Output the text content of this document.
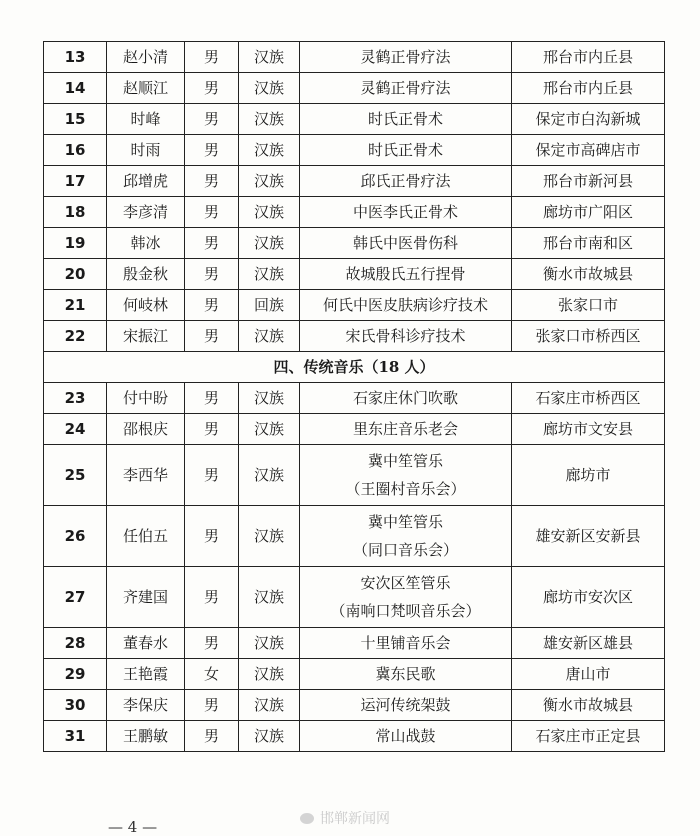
13	赵小清	男	汉族	灵鹤正骨疗法	邢台市内丘县
14	赵顺江	男	汉族	灵鹤正骨疗法	邢台市内丘县
15	时峰	男	汉族	时氏正骨术	保定市白沟新城
16	时雨	男	汉族	时氏正骨术	保定市高碑店市
17	邱增虎	男	汉族	邱氏正骨疗法	邢台市新河县
18	李彦清	男	汉族	中医李氏正骨术	廊坊市广阳区
19	韩冰	男	汉族	韩氏中医骨伤科	邢台市南和区
20	殷金秋	男	汉族	故城殷氏五行捏骨	衡水市故城县
21	何岐林	男	回族	何氏中医皮肤病诊疗技术	张家口市
22	宋振江	男	汉族	宋氏骨科诊疗技术	张家口市桥西区
四、传统音乐（18 人）					
23	付中盼	男	汉族	石家庄休门吹歌	石家庄市桥西区
24	邵根庆	男	汉族	里东庄音乐老会	廊坊市文安县
25	李西华	男	汉族	冀中笙管乐
（王圈村音乐会）	廊坊市
26	任伯五	男	汉族	冀中笙管乐
（同口音乐会）	雄安新区安新县
27	齐建国	男	汉族	安次区笙管乐
（南响口梵呗音乐会）	廊坊市安次区
28	董春水	男	汉族	十里铺音乐会	雄安新区雄县
29	王艳霞	女	汉族	冀东民歌	唐山市
30	李保庆	男	汉族	运河传统架鼓	衡水市故城县
31	王鹏敏	男	汉族	常山战鼓	石家庄市正定县
— 4 —	邯郸新闻网
